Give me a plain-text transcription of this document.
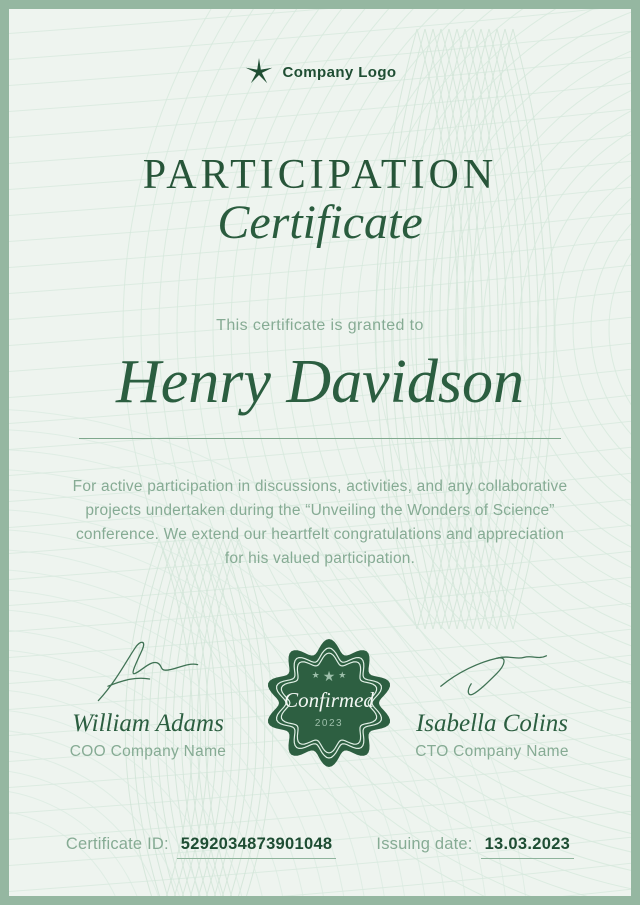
Company Logo
PARTICIPATION
Certificate
This certificate is granted to
Henry Davidson

For active participation in discussions, activities, and any collaborative projects undertaken during the “Unveiling the Wonders of Science” conference. We extend our heartfelt congratulations and appreciation for his valued participation.

William Adams
COO Company Name
★ ★ ★
Confirmed
2023	Isabella Colins
CTO Company Name
Certificate ID: 5292034873901048	Issuing date: 13.03.2023
